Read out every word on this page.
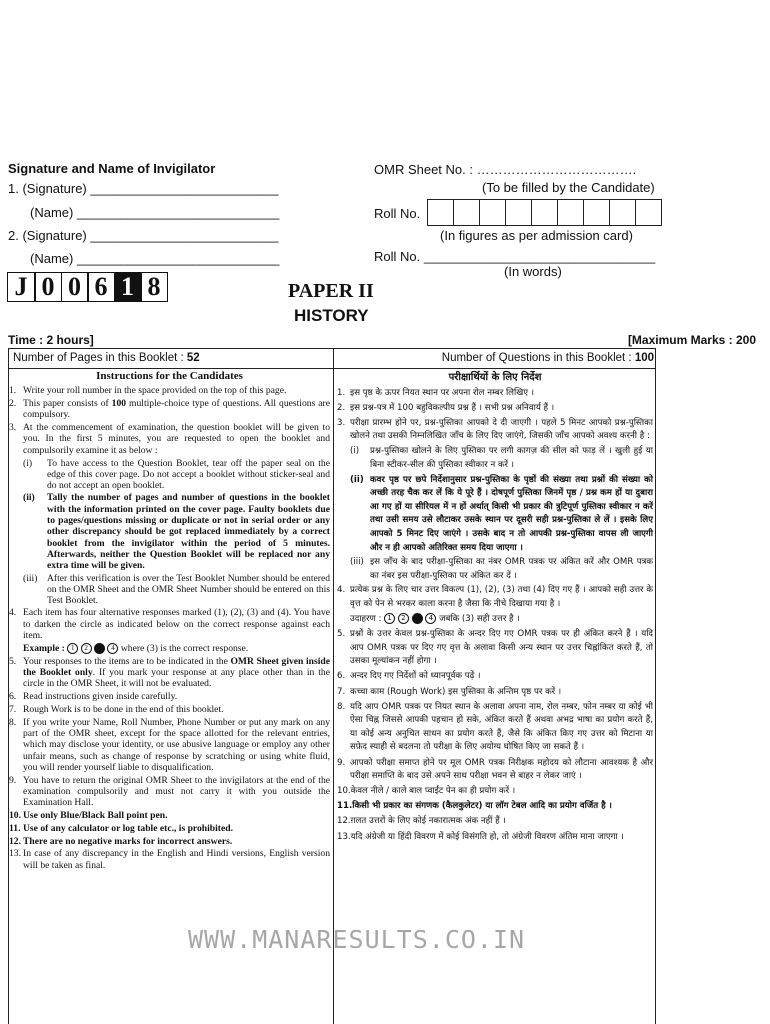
Signature and Name of Invigilator
1. (Signature) __________________________
(Name) ____________________________
2. (Signature) __________________________
(Name) ____________________________
OMR Sheet No. : ……………………………….
(To be filled by the Candidate)
Roll No.
(In figures as per admission card)
Roll No. ________________________________
(In words)
J 0 0 6 1 8	PAPER II
HISTORY
Time : 2 hours]	[Maximum Marks : 200
Number of Pages in this Booklet : 52	Number of Questions in this Booklet : 100
Instructions for the Candidates
1. Write your roll number in the space provided on the top of this page.
2. This paper consists of 100 multiple-choice type of questions. All questions are compulsory.
3. At the commencement of examination, the question booklet will be given to you. In the first 5 minutes, you are requested to open the booklet and compulsorily examine it as below :
(i)	To have access to the Question Booklet, tear off the paper seal on the edge of this cover page. Do not accept a booklet without sticker-seal and do not accept an open booklet.
(ii)	Tally the number of pages and number of questions in the booklet with the information printed on the cover page. Faulty booklets due to pages/questions missing or duplicate or not in serial order or any other discrepancy should be got replaced immediately by a correct booklet from the invigilator within the period of 5 minutes. Afterwards, neither the Question Booklet will be replaced nor any extra time will be given.
(iii)	After this verification is over the Test Booklet Number should be entered on the OMR Sheet and the OMR Sheet Number should be entered on this Test Booklet.
4. Each item has four alternative responses marked (1), (2), (3) and (4). You have to darken the circle as indicated below on the correct response against each item.
Example : 1 2	4 where (3) is the correct response.
5. Your responses to the items are to be indicated in the OMR Sheet given inside the Booklet only. If you mark your response at any place other than in the circle in the OMR Sheet, it will not be evaluated.
6. Read instructions given inside carefully.
7. Rough Work is to be done in the end of this booklet.
8. If you write your Name, Roll Number, Phone Number or put any mark on any part of the OMR sheet, except for the space allotted for the relevant entries, which may disclose your identity, or use abusive language or employ any other unfair means, such as change of response by scratching or using white fluid, you will render yourself liable to disqualification.
9. You have to return the original OMR Sheet to the invigilators at the end of the examination compulsorily and must not carry it with you outside the Examination Hall.
10. Use only Blue/Black Ball point pen.
11. Use of any calculator or log table etc., is prohibited.
12. There are no negative marks for incorrect answers.
13. In case of any discrepancy in the English and Hindi versions, English version will be taken as final.
परीक्षार्थियों के लिए निर्देश
1. इस पृष्ठ के ऊपर नियत स्थान पर अपना रोल नम्बर लिखिए ।
2. इस प्रश्न-पत्र में 100 बहुविकल्पीय प्रश्न हैं । सभी प्रश्न अनिवार्य हैं ।
3. परीक्षा प्रारम्भ होने पर, प्रश्न-पुस्तिका आपको दे दी जाएगी । पहले 5 मिनट आपको प्रश्न-पुस्तिका खोलने तथा उसकी निम्नलिखित जाँच के लिए दिए जाएंगे, जिसकी जाँच आपको अवश्य करनी है :
(i)	प्रश्न-पुस्तिका खोलने के लिए पुस्तिका पर लगी कागज़ की सील को फाड़ लें । खुली हुई या बिना स्टीकर-सील की पुस्तिका स्वीकार न करें ।
(ii) कवर पृष्ठ पर छपे निर्देशानुसार प्रश्न-पुस्तिका के पृष्ठों की संख्या तथा प्रश्नों की संख्या को अच्छी तरह चैक कर लें कि ये पूरे हैं । दोषपूर्ण पुस्तिका जिनमें पृष्ठ / प्रश्न कम हों या दुबारा आ गए हों या सीरियल में न हों अर्थात् किसी भी प्रकार की त्रुटिपूर्ण पुस्तिका स्वीकार न करें तथा उसी समय उसे लौटाकर उसके स्थान पर दूसरी सही प्रश्न-पुस्तिका ले लें । इसके लिए आपको 5 मिनट दिए जाएंगे । उसके बाद न तो आपकी प्रश्न-पुस्तिका वापस ली जाएगी और न ही आपको अतिरिक्त समय दिया जाएगा ।
(iii) इस जाँच के बाद परीक्षा-पुस्तिका का नंबर OMR पत्रक पर अंकित करें और OMR पत्रक का नंबर इस परीक्षा-पुस्तिका पर अंकित कर दें ।
4. प्रत्येक प्रश्न के लिए चार उत्तर विकल्प (1), (2), (3) तथा (4) दिए गए हैं । आपको सही उत्तर के वृत्त को पेन से भरकर काला करना है जैसा कि नीचे दिखाया गया है ।
उदाहरण : 1 2	4 जबकि (3) सही उत्तर है ।
5. प्रश्नों के उत्तर केवल प्रश्न-पुस्तिका के अन्दर दिए गए OMR पत्रक पर ही अंकित करने हैं । यदि आप OMR पत्रक पर दिए गए वृत्त के अलावा किसी अन्य स्थान पर उत्तर चिह्नांकित करते हैं, तो उसका मूल्यांकन नहीं होगा ।
6. अन्दर दिए गए निर्देशों को ध्यानपूर्वक पढ़ें ।
7. कच्चा काम (Rough Work) इस पुस्तिका के अन्तिम पृष्ठ पर करें ।
8. यदि आप OMR पत्रक पर नियत स्थान के अलावा अपना नाम, रोल नम्बर, फोन नम्बर या कोई भी ऐसा चिह्न जिससे आपकी पहचान हो सके, अंकित करते हैं अथवा अभद्र भाषा का प्रयोग करते हैं, या कोई अन्य अनुचित साधन का प्रयोग करते हैं, जैसे कि अंकित किए गए उत्तर को मिटाना या सफ़ेद स्याही से बदलना तो परीक्षा के लिए अयोग्य घोषित किए जा सकते हैं ।
9. आपको परीक्षा समाप्त होने पर मूल OMR पत्रक निरीक्षक महोदय को लौटाना आवश्यक है और परीक्षा समाप्ति के बाद उसे अपने साथ परीक्षा भवन से बाहर न लेकर जाएं ।
10. केवल नीले / काले बाल प्वाईंट पेन का ही प्रयोग करें ।
11. किसी भी प्रकार का संगणक (कैलकुलेटर) या लॉग टेबल आदि का प्रयोग वर्जित है ।
12. ग़लत उत्तरों के लिए कोई नकारात्मक अंक नहीं हैं ।
13. यदि अंग्रेजी या हिंदी विवरण में कोई विसंगति हो, तो अंग्रेजी विवरण अंतिम माना जाएगा ।
WWW.MANARESULTS.CO.IN
